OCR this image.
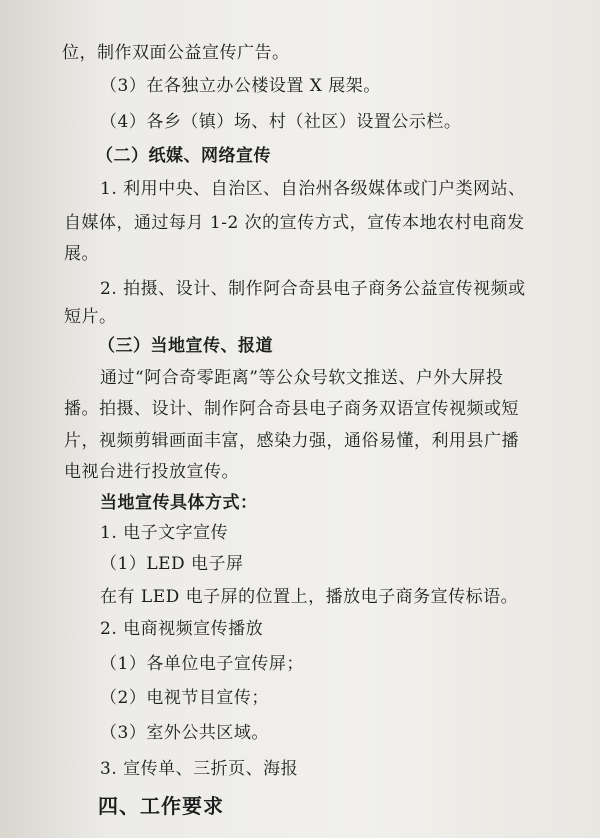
位，制作双面公益宣传广告。
（3）在各独立办公楼设置 X 展架。
（4）各乡（镇）场、村（社区）设置公示栏。
（二）纸媒、网络宣传
1. 利用中央、自治区、自治州各级媒体或门户类网站、
自媒体，通过每月 1-2 次的宣传方式，宣传本地农村电商发
展。
2. 拍摄、设计、制作阿合奇县电子商务公益宣传视频或
短片。
（三）当地宣传、报道
通过“阿合奇零距离”等公众号软文推送、户外大屏投
播。拍摄、设计、制作阿合奇县电子商务双语宣传视频或短
片，视频剪辑画面丰富，感染力强，通俗易懂，利用县广播
电视台进行投放宣传。
当地宣传具体方式：
1. 电子文字宣传
（1）LED 电子屏
在有 LED 电子屏的位置上，播放电子商务宣传标语。
2. 电商视频宣传播放
（1）各单位电子宣传屏；
（2）电视节目宣传；
（3）室外公共区域。
3. 宣传单、三折页、海报
四、工作要求
